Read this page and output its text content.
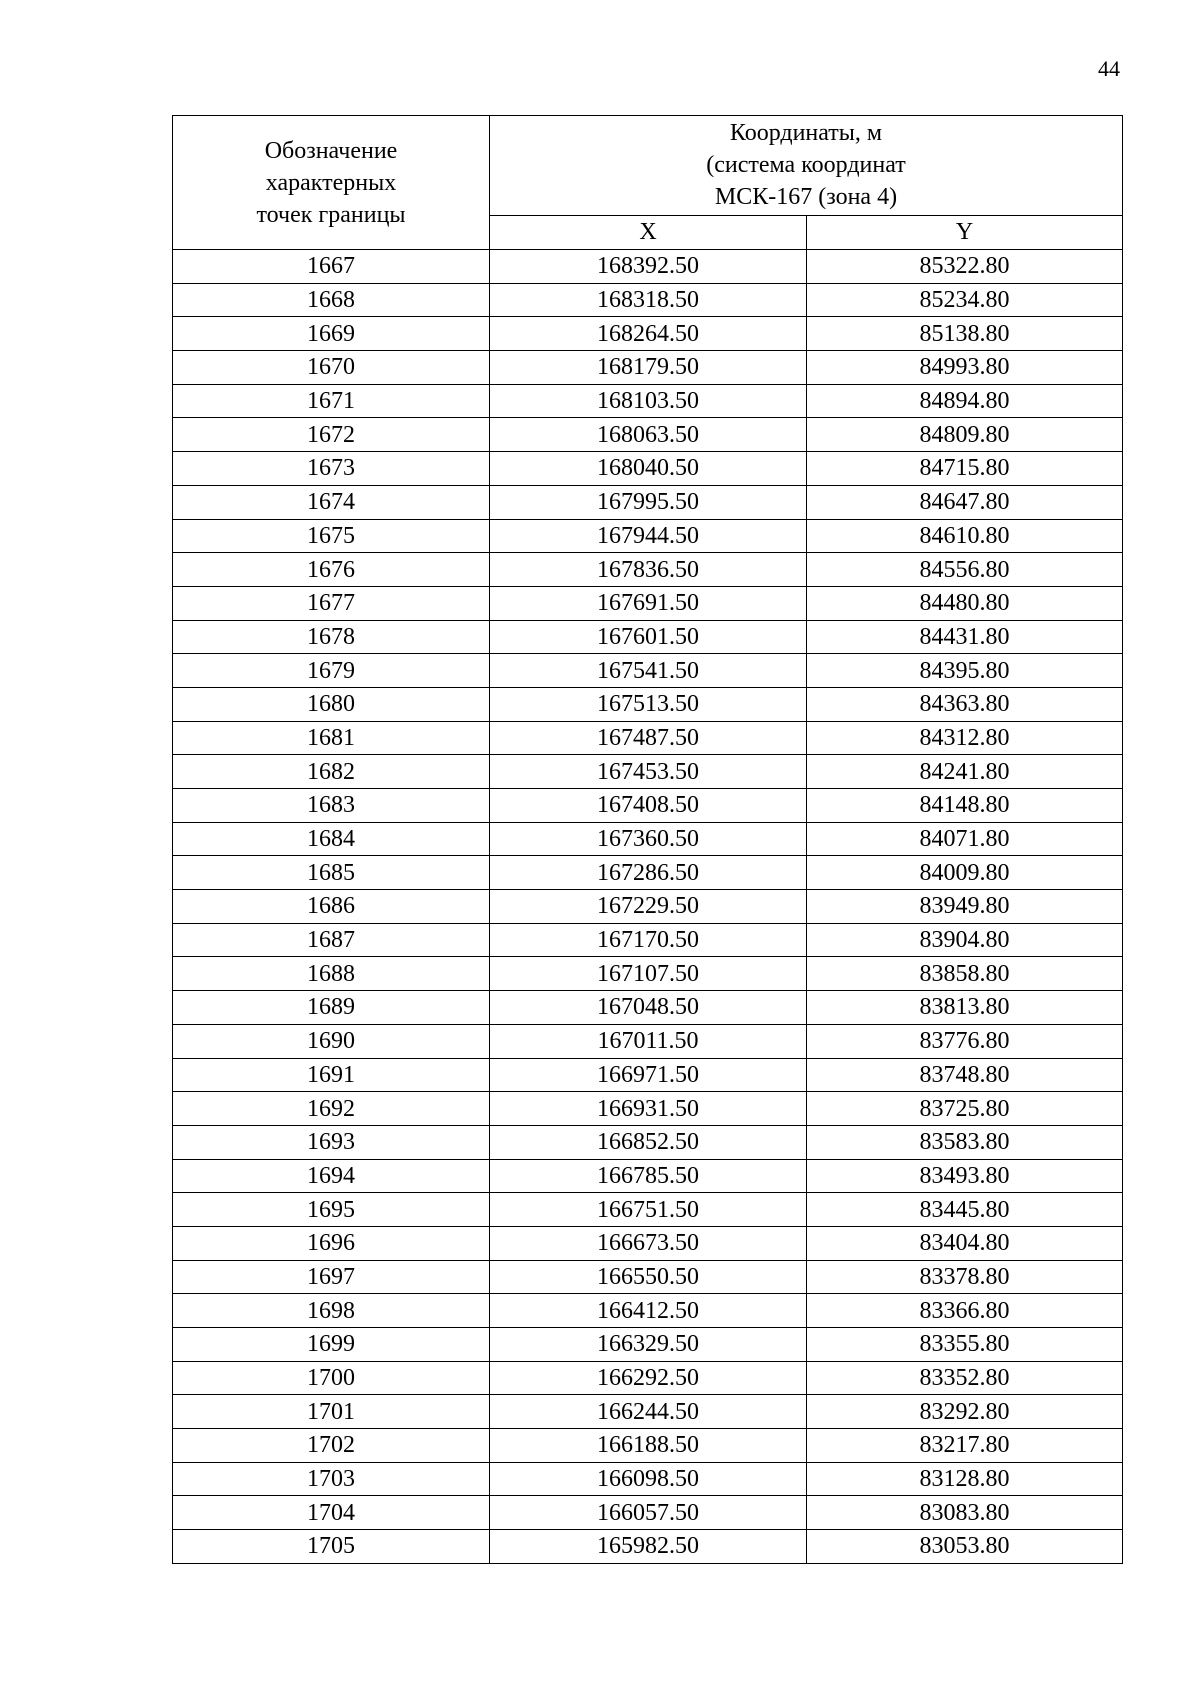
44
Обозначение
характерных
точек границы	Координаты, м
(система координат
МСК-167 (зона 4)	

	X	Y
1667	168392.50	85322.80
1668	168318.50	85234.80
1669	168264.50	85138.80
1670	168179.50	84993.80
1671	168103.50	84894.80
1672	168063.50	84809.80
1673	168040.50	84715.80
1674	167995.50	84647.80
1675	167944.50	84610.80
1676	167836.50	84556.80
1677	167691.50	84480.80
1678	167601.50	84431.80
1679	167541.50	84395.80
1680	167513.50	84363.80
1681	167487.50	84312.80
1682	167453.50	84241.80
1683	167408.50	84148.80
1684	167360.50	84071.80
1685	167286.50	84009.80
1686	167229.50	83949.80
1687	167170.50	83904.80
1688	167107.50	83858.80
1689	167048.50	83813.80
1690	167011.50	83776.80
1691	166971.50	83748.80
1692	166931.50	83725.80
1693	166852.50	83583.80
1694	166785.50	83493.80
1695	166751.50	83445.80
1696	166673.50	83404.80
1697	166550.50	83378.80
1698	166412.50	83366.80
1699	166329.50	83355.80
1700	166292.50	83352.80
1701	166244.50	83292.80
1702	166188.50	83217.80
1703	166098.50	83128.80
1704	166057.50	83083.80
1705	165982.50	83053.80
